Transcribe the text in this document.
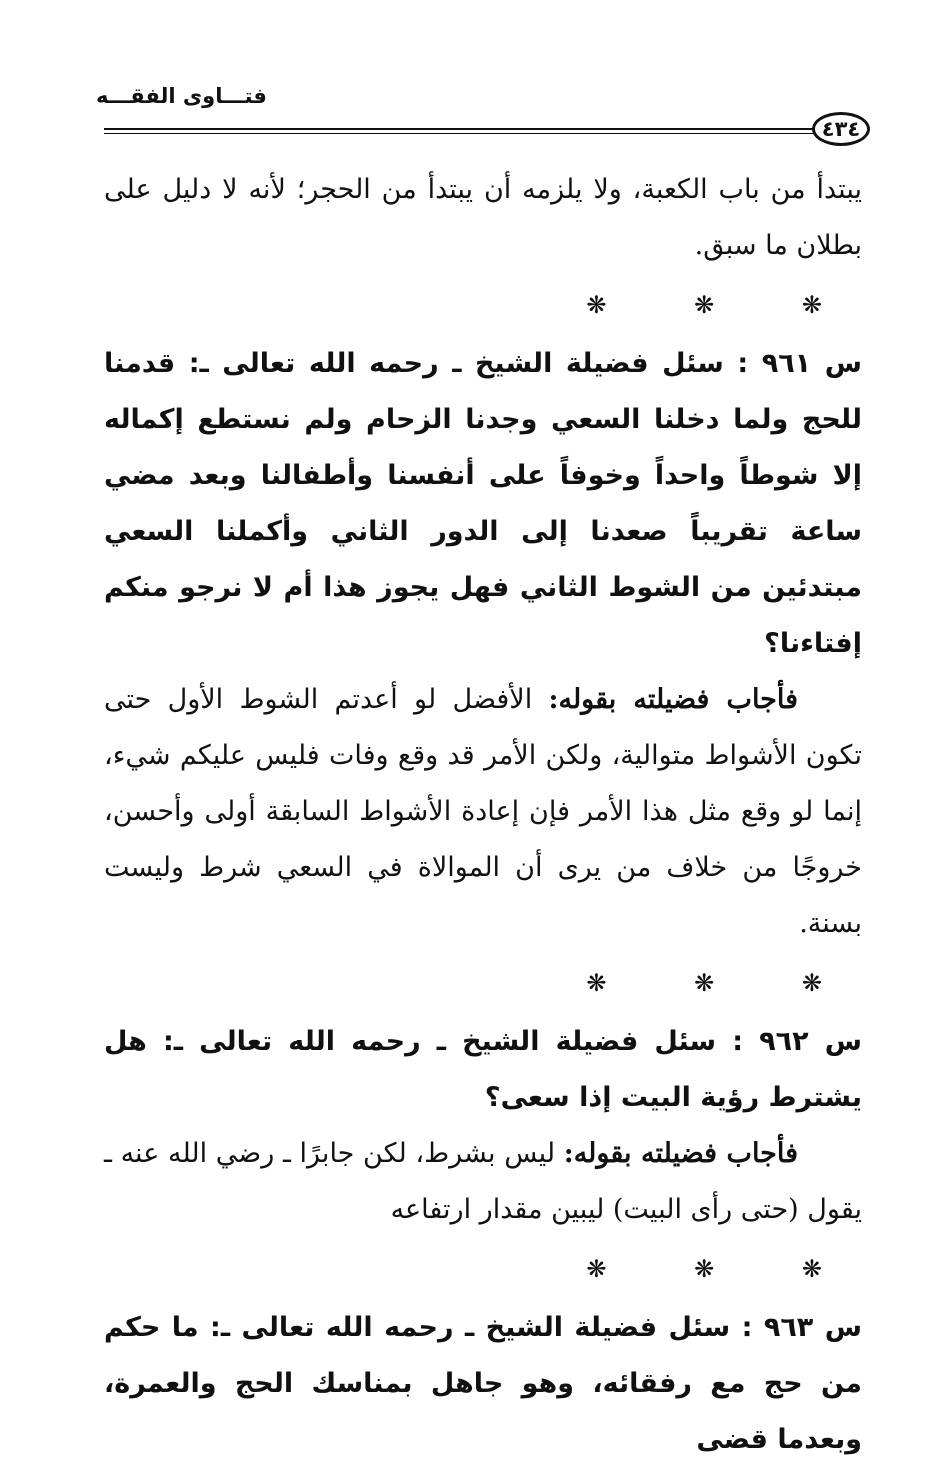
فتـــاوى الفقـــه
٤٣٤

يبتدأ من باب الكعبة، ولا يلزمه أن يبتدأ من الحجر؛ لأنه لا دليل على بطلان ما سبق.

❋ ❋ ❋

س ٩٦١ : سئل فضيلة الشيخ ـ رحمه الله تعالى ـ: قدمنا للحج ولما دخلنا السعي وجدنا الزحام ولم نستطع إكماله إلا شوطاً واحداً وخوفاً على أنفسنا وأطفالنا وبعد مضي ساعة تقريباً صعدنا إلى الدور الثاني وأكملنا السعي مبتدئين من الشوط الثاني فهل يجوز هذا أم لا نرجو منكم إفتاءنا؟

فأجاب فضيلته بقوله: الأفضل لو أعدتم الشوط الأول حتى تكون الأشواط متوالية، ولكن الأمر قد وقع وفات فليس عليكم شيء، إنما لو وقع مثل هذا الأمر فإن إعادة الأشواط السابقة أولى وأحسن، خروجًا من خلاف من يرى أن الموالاة في السعي شرط وليست بسنة.

❋ ❋ ❋

س ٩٦٢ : سئل فضيلة الشيخ ـ رحمه الله تعالى ـ: هل يشترط رؤية البيت إذا سعى؟

فأجاب فضيلته بقوله: ليس بشرط، لكن جابرًا ـ رضي الله عنه ـ يقول (حتى رأى البيت) ليبين مقدار ارتفاعه

❋ ❋ ❋

س ٩٦٣ : سئل فضيلة الشيخ ـ رحمه الله تعالى ـ: ما حكم من حج مع رفقائه، وهو جاهل بمناسك الحج والعمرة، وبعدما قضى
